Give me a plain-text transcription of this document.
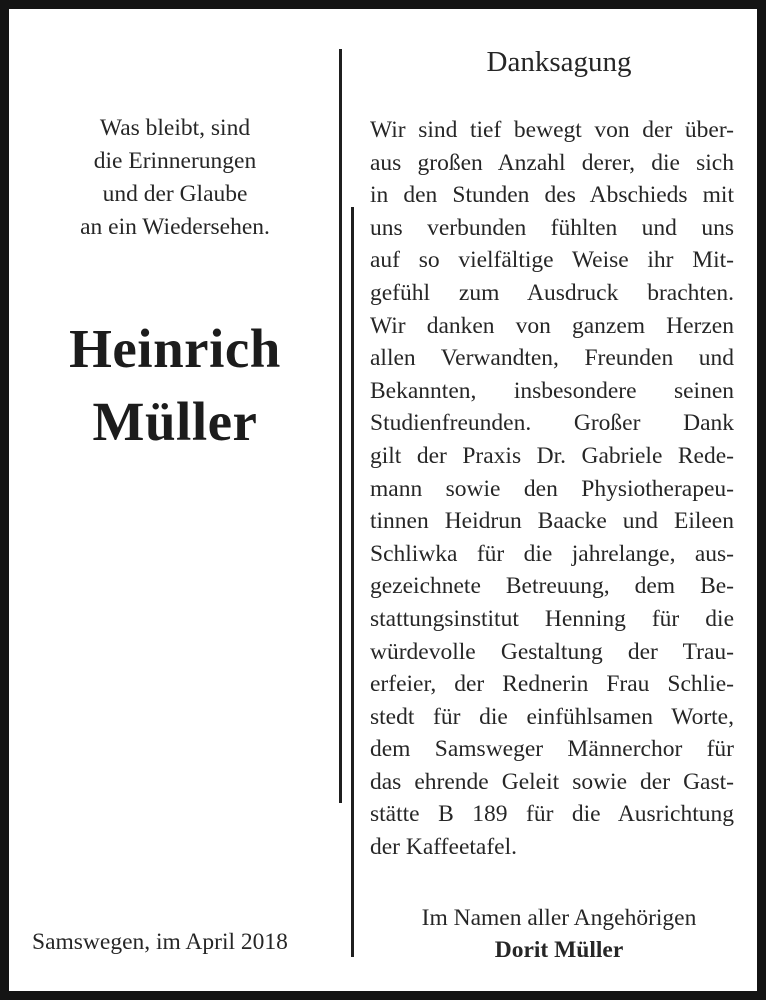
Was bleibt, sind
die Erinnerungen
und der Glaube
an ein Wiedersehen.
Heinrich
Müller
Samswegen, im April 2018
Danksagung
Wir sind tief bewegt von der über-
aus großen Anzahl derer, die sich
in den Stunden des Abschieds mit
uns verbunden fühlten und uns
auf so vielfältige Weise ihr Mit-
gefühl zum Ausdruck brachten.
Wir danken von ganzem Herzen
allen Verwandten, Freunden und
Bekannten, insbesondere seinen
Studienfreunden. Großer Dank
gilt der Praxis Dr. Gabriele Rede-
mann sowie den Physiotherapeu-
tinnen Heidrun Baacke und Eileen
Schliwka für die jahrelange, aus-
gezeichnete Betreuung, dem Be-
stattungsinstitut Henning für die
würdevolle Gestaltung der Trau-
erfeier, der Rednerin Frau Schlie-
stedt für die einfühlsamen Worte,
dem Samsweger Männerchor für
das ehrende Geleit sowie der Gast-
stätte B 189 für die Ausrichtung
der Kaffeetafel.
Im Namen aller Angehörigen
Dorit Müller
